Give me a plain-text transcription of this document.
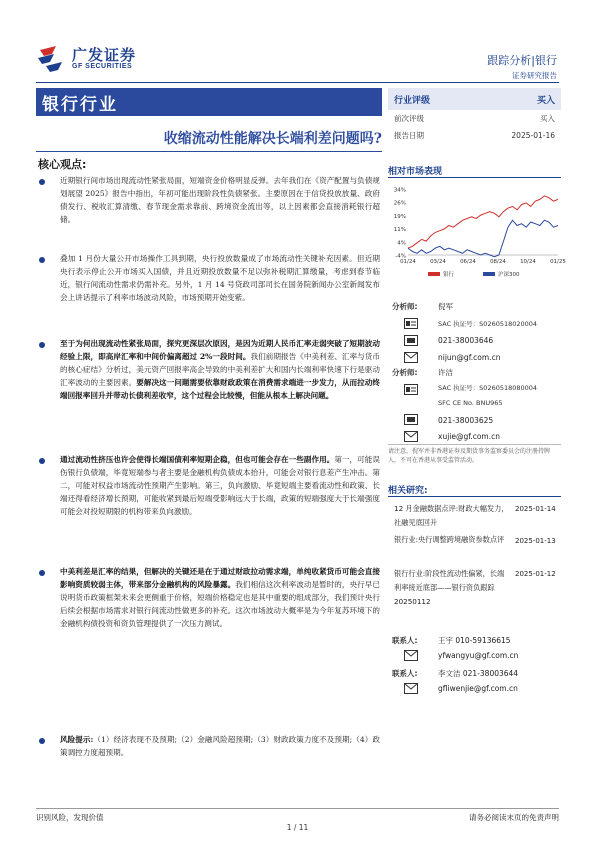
广发证券
GF SECURITIES	跟踪分析|银行
证券研究报告
银行行业
收缩流动性能解决长端利差问题吗?
行业评级	买入
前次评级	买入
报告日期	2025-01-16
核心观点:
近期银行间市场出现流动性紧张局面，短端资金价格明显反弹。去年我们在《资产配置与负债规划展望 2025》报告中指出，年初可能出现阶段性负债紧张。主要原因在于信贷投放放量、政府债发行、税收汇算清缴、春节现金需求靠前、跨境资金流出等，以上因素都会直接消耗银行超储。
叠加 1 月份大量公开市场操作工具到期，央行投放数量成了市场流动性关键补充因素。但近期央行表示停止公开市场买入国债，并且近期投放数量不足以弥补税期汇算缴量，考虑到春节临近，银行间流动性需求仍需补充。另外，1 月 14 号贷政司部司长在国务院新闻办公室新闻发布会上讲话提示了利率市场波动风险，市场预期开始变紫。
至于为何出现流动性紧张局面，探究更深层次原因，是因为近期人民币汇率走弱突破了短期波动经验上限，即高岸汇率和中间价偏离超过 2%一段时间。我们前期报告《中美利差、汇率与货币的核心症结》分析过，美元资产回报率高企导致的中美利差扩大和国内长端利率快速下行是驱动汇率波动的主要因素。要解决这一问题需要依靠财政政策在消费需求端进一步发力，从而拉动终端回报率回升并带动长债利差收窄，这个过程会比较慢，但能从根本上解决问题。
通过流动性挤压也许会使得长端国债利率短期企稳，但也可能会存在一些副作用。第一，可能误伤银行负债端，毕竟短端参与者主要是金融机构负债成本抬升，可能会对银行息差产生冲击。第二，可能对权益市场流动性预期产生影响。第三，负向激励、毕竟短端主要看流动性和政策、长端还得看经济增长预期，可能收紧到最后短端受影响远大于长端，政策的短端强度大于长端强度可能会对投短期限的机构带来负向激励。
中美利差是汇率的结果，但解决的关键还是在于通过财政拉动需求端，单纯收紧货币可能会直接影响资质较弱主体，带来部分金融机构的风险暴露。我们相信这次利率波动是暂时的，央行早已说明货币政策框架未来会更侧重于价格，短端价格稳定也是其中重要的组成部分，我们预计央行后续会根据市场需求对银行间流动性做更多的补充。这次市场波动大概率是为今年复苏环境下的金融机构债投资和资负管理提供了一次压力测试。
风险提示:（1）经济表现不及预期;（2）金融风险超预期;（3）财政政策力度不及预期;（4）政策调控力度超预期。
相对市场表现
34%
26%
19%
11%
4%
-4%
01/24	03/24	06/24	08/24	10/24	01/25
银行	沪深300
分析师:	倪军
SAC 执证号：S0260518020004
021-38003646
nijun@gf.com.cn
分析师:	许洁
SAC 执证号：S0260518080004
SFC CE No. BNU965
021-38003625
xujie@gf.com.cn
请注意，倪军并非香港证券及期货事务监察委员会的注册持牌人，不可在香港从事受监管活动。
相关研究:
12 月金融数据点评:财政大幅发力，社融见底回升
2025-01-14
银行业:央行调整跨境融资参数点评	2025-01-13
银行行业:阶段性流动性偏紧，长端利率接近底部——银行资负跟踪 20250112
2025-01-12
联系人:	王宇 010-59136615
yfwangyu@gf.com.cn
联系人:	李文洁 021-38003644
gfliwenjie@gf.com.cn
识别风险，发现价值	请务必阅读末页的免责声明
1 / 11
